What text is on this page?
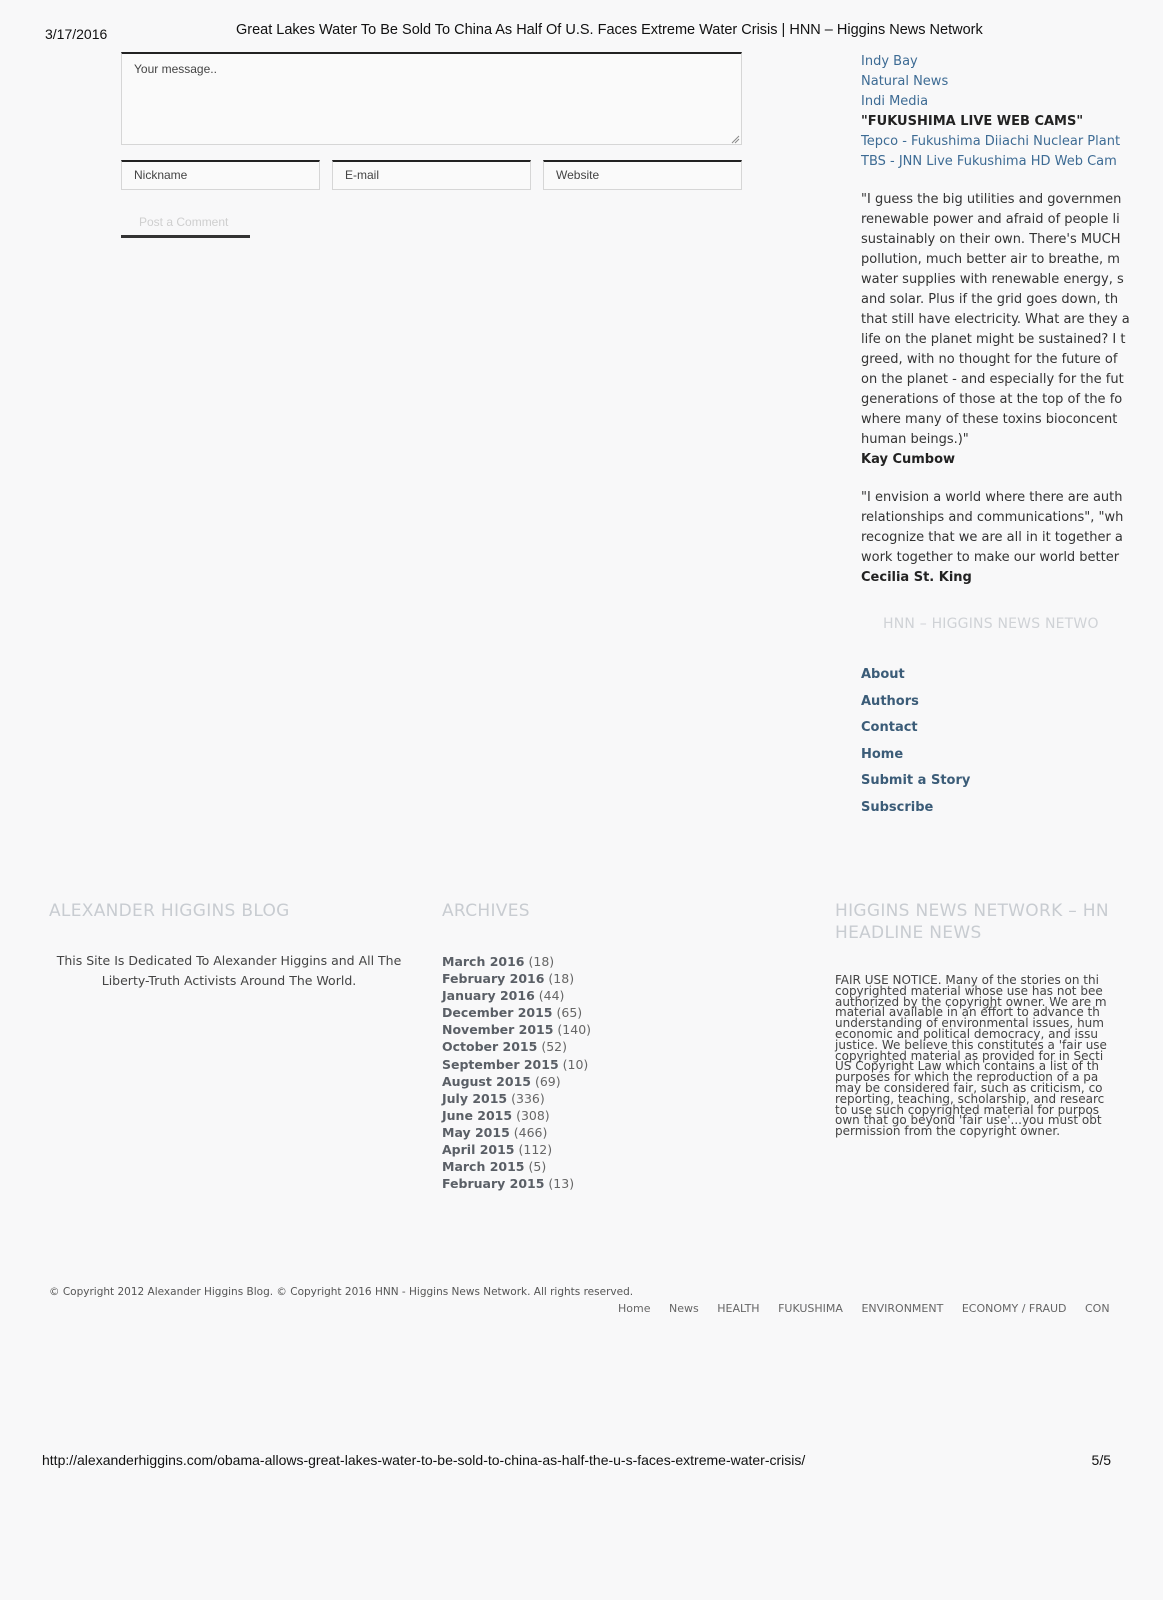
3/17/2016	Great Lakes Water To Be Sold To China As Half Of U.S. Faces Extreme Water Crisis | HNN – Higgins News Network
Your message..
Nickname
E-mail
Website
Post a Comment
Indy Bay
Natural News
Indi Media
"FUKUSHIMA LIVE WEB CAMS"
Tepco - Fukushima Diiachi Nuclear Plant
TBS - JNN Live Fukushima HD Web Cam
"I guess the big utilities and governmen
renewable power and afraid of people li
sustainably on their own. There's MUCH
pollution, much better air to breathe, m
water supplies with renewable energy, s
and solar. Plus if the grid goes down, th
that still have electricity. What are they a
life on the planet might be sustained? I t
greed, with no thought for the future of
on the planet - and especially for the fut
generations of those at the top of the fo
where many of these toxins bioconcent
human beings.)"
Kay Cumbow
"I envision a world where there are auth
relationships and communications", "wh
recognize that we are all in it together a
work together to make our world better
Cecilia St. King
HNN – HIGGINS NEWS NETWO
About
Authors
Contact
Home
Submit a Story
Subscribe
ALEXANDER HIGGINS BLOG
This Site Is Dedicated To Alexander Higgins and All The Liberty-Truth Activists Around The World.
ARCHIVES
March 2016 (18)
February 2016 (18)
January 2016 (44)
December 2015 (65)
November 2015 (140)
October 2015 (52)
September 2015 (10)
August 2015 (69)
July 2015 (336)
June 2015 (308)
May 2015 (466)
April 2015 (112)
March 2015 (5)
February 2015 (13)
HIGGINS NEWS NETWORK – HN
HEADLINE NEWS
FAIR USE NOTICE. Many of the stories on thi
copyrighted material whose use has not bee
authorized by the copyright owner. We are m
material available in an effort to advance th
understanding of environmental issues, hum
economic and political democracy, and issu
justice. We believe this constitutes a 'fair use
copyrighted material as provided for in Secti
US Copyright Law which contains a list of th
purposes for which the reproduction of a pa
may be considered fair, such as criticism, co
reporting, teaching, scholarship, and researc
to use such copyrighted material for purpos
own that go beyond 'fair use'...you must obt
permission from the copyright owner.
© Copyright 2012 Alexander Higgins Blog. © Copyright 2016 HNN - Higgins News Network. All rights reserved.
Home News HEALTH FUKUSHIMA ENVIRONMENT ECONOMY / FRAUD CON
http://alexanderhiggins.com/obama-allows-great-lakes-water-to-be-sold-to-china-as-half-the-u-s-faces-extreme-water-crisis/	5/5
